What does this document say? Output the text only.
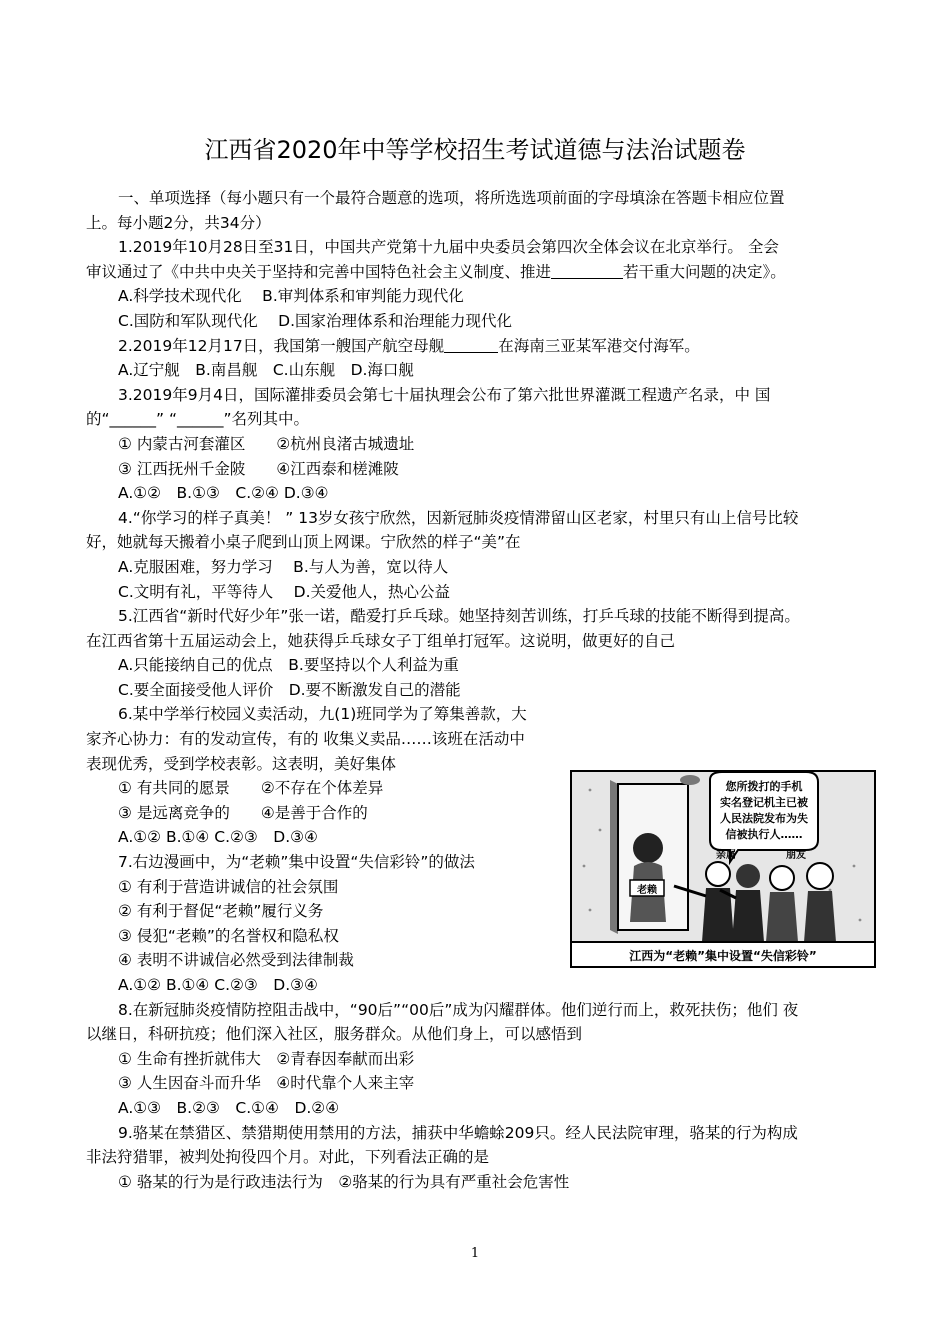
江西省2020年中等学校招生考试道德与法治试题卷

一、单项选择（每小题只有一个最符合题意的选项，将所选选项前面的字母填涂在答题卡相应位置

上。每小题2分，共34分）

1.2019年10月28日至31日，中国共产党第十九届中央委员会第四次全体会议在北京举行。 全会

审议通过了《中共中央关于坚持和完善中国特色社会主义制度、推进	若干重大问题的决定》。

A.科学技术现代化　 B.审判体系和审判能力现代化

C.国防和军队现代化　 D.国家治理体系和治理能力现代化

2.2019年12月17日，我国第一艘国产航空母舰	在海南三亚某军港交付海军。

A.辽宁舰　B.南昌舰　C.山东舰　D.海口舰

3.2019年9月4日，国际灌排委员会第七十届执理会公布了第六批世界灌溉工程遗产名录，中 国

的“______” “______”名列其中。

① 内蒙古河套灌区　　②杭州良渚古城遗址

③ 江西抚州千金陂　　④江西泰和槎滩陂

A.①②　B.①③　C.②④ D.③④

4.“你学习的样子真美！ ” 13岁女孩宁欣然，因新冠肺炎疫情滞留山区老家，村里只有山上信号比较

好，她就每天搬着小桌子爬到山顶上网课。宁欣然的样子“美”在

A.克服困难，努力学习　 B.与人为善，宽以待人

C.文明有礼，平等待人　 D.关爱他人，热心公益

5.江西省“新时代好少年”张一诺，酷爱打乒乓球。她坚持刻苦训练，打乒乓球的技能不断得到提高。

在江西省第十五届运动会上，她获得乒乓球女子丁组单打冠军。这说明，做更好的自己

A.只能接纳自己的优点　B.要坚持以个人利益为重

C.要全面接受他人评价　D.要不断激发自己的潜能

6.某中学举行校园义卖活动，九(1)班同学为了筹集善款，大

家齐心协力：有的发动宣传，有的 收集义卖品……该班在活动中

表现优秀，受到学校表彰。这表明，美好集体

① 有共同的愿景　　②不存在个体差异

③ 是远离竞争的　　④是善于合作的

A.①② B.①④ C.②③　D.③④

7.右边漫画中，为“老赖”集中设置“失信彩铃”的做法

① 有利于营造讲诚信的社会氛围

② 有利于督促“老赖”履行义务

③ 侵犯“老赖”的名誉权和隐私权

④ 表明不讲诚信必然受到法律制裁

A.①② B.①④ C.②③　D.③④

8.在新冠肺炎疫情防控阻击战中，“90后”“00后”成为闪耀群体。他们逆行而上，救死扶伤；他们 夜

以继日，科研抗疫；他们深入社区，服务群众。从他们身上，可以感悟到

① 生命有挫折就伟大　②青春因奉献而出彩

③ 人生因奋斗而升华　④时代靠个人来主宰

A.①③　B.②③　C.①④　D.②④

9.骆某在禁猎区、禁猎期使用禁用的方法，捕获中华蟾蜍209只。经人民法院审理，骆某的行为构成

非法狩猎罪，被判处拘役四个月。对此，下列看法正确的是

① 骆某的行为是行政违法行为　②骆某的行为具有严重社会危害性

您所拨打的手机
实名登记机主已被
人民法院发布为失
信被执行人……
老赖
亲属	朋友
江西为“老赖”集中设置“失信彩铃”
1
